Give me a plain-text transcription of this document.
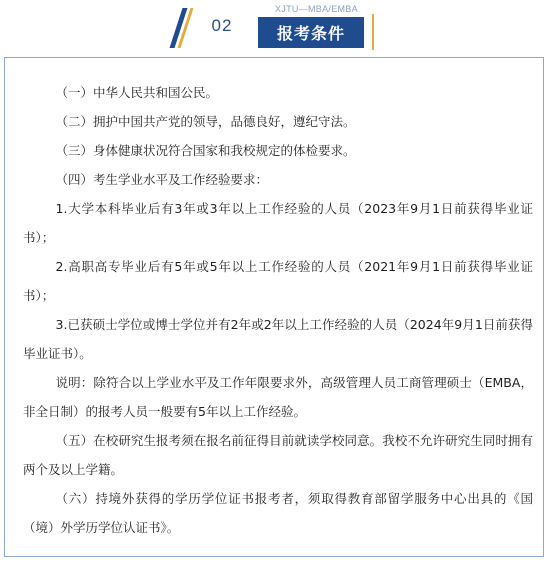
02
XJTU—MBA/EMBA
报考条件

（一）中华人民共和国公民。

（二）拥护中国共产党的领导，品德良好，遵纪守法。

（三）身体健康状况符合国家和我校规定的体检要求。

（四）考生学业水平及工作经验要求：

1.大学本科毕业后有3年或3年以上工作经验的人员（2023年9月1日前获得毕业证书）；

2.高职高专毕业后有5年或5年以上工作经验的人员（2021年9月1日前获得毕业证书）；

3.已获硕士学位或博士学位并有2年或2年以上工作经验的人员（2024年9月1日前获得毕业证书）。

说明：除符合以上学业水平及工作年限要求外，高级管理人员工商管理硕士（EMBA，非全日制）的报考人员一般要有5年以上工作经验。

（五）在校研究生报考须在报名前征得目前就读学校同意。我校不允许研究生同时拥有两个及以上学籍。

（六）持境外获得的学历学位证书报考者，须取得教育部留学服务中心出具的《国（境）外学历学位认证书》。
